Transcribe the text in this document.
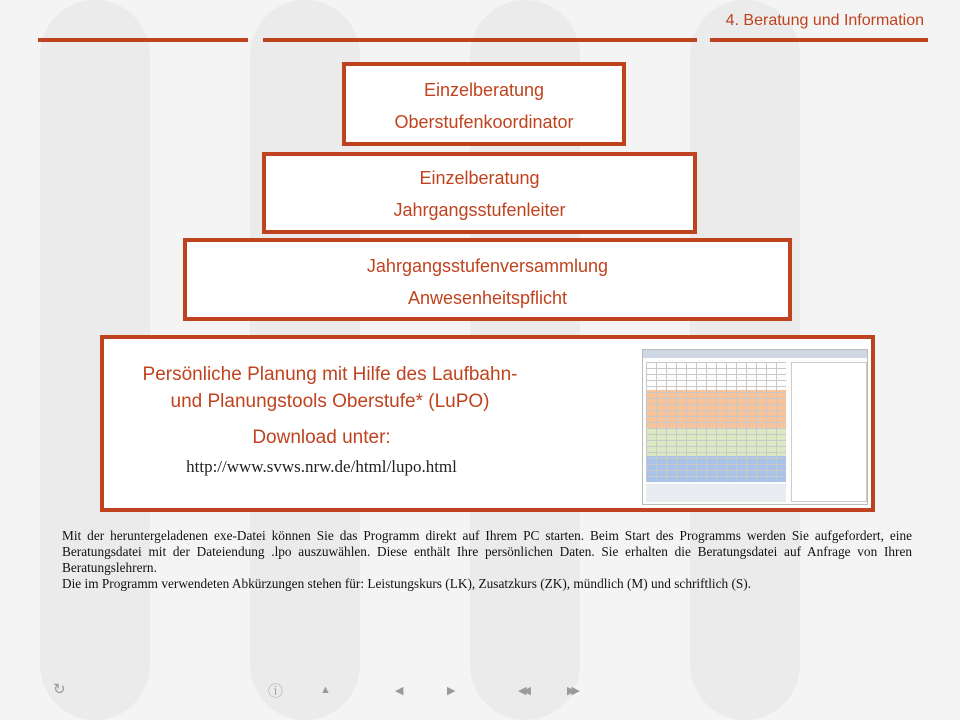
4. Beratung und Information
Einzelberatung
Oberstufenkoordinator
Einzelberatung
Jahrgangsstufenleiter
Jahrgangsstufenversammlung
Anwesenheitspflicht
Persönliche Planung mit Hilfe des Laufbahn-
und Planungstools Oberstufe* (LuPO)
Download unter:
http://www.svws.nrw.de/html/lupo.html

Mit der heruntergeladenen exe-Datei können Sie das Programm direkt auf Ihrem PC starten. Beim Start des Programms werden Sie aufgefordert, eine Beratungsdatei mit der Dateiendung .lpo auszuwählen. Diese enthält Ihre persönlichen Daten. Sie erhalten die Beratungsdatei auf Anfrage von Ihren Beratungslehrern.

Die im Programm verwendeten Abkürzungen stehen für: Leistungskurs (LK), Zusatzkurs (ZK), mündlich (M) und schriftlich (S).

↻	ⓘ	▲	◀	▶	◀◀	▶▶
